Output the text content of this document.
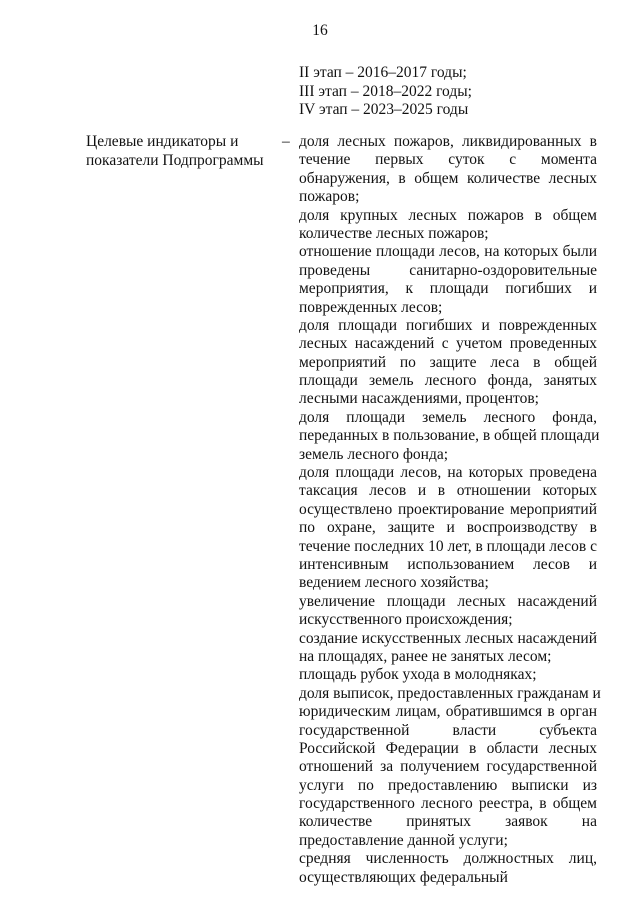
16
II этап – 2016–2017 годы;
III этап – 2018–2022 годы;
IV этап – 2023–2025 годы
Целевые индикаторы и
показатели Подпрограммы
– доля лесных пожаров, ликвидированных в
течение первых суток с момента
обнаружения, в общем количестве лесных
пожаров;
доля крупных лесных пожаров в общем
количестве лесных пожаров;
отношение площади лесов, на которых были
проведены санитарно-оздоровительные
мероприятия, к площади погибших и
поврежденных лесов;
доля площади погибших и поврежденных
лесных насаждений с учетом проведенных
мероприятий по защите леса в общей
площади земель лесного фонда, занятых
лесными насаждениями, процентов;
доля площади земель лесного фонда,
переданных в пользование, в общей площади
земель лесного фонда;
доля площади лесов, на которых проведена
таксация лесов и в отношении которых
осуществлено проектирование мероприятий
по охране, защите и воспроизводству в
течение последних 10 лет, в площади лесов с
интенсивным использованием лесов и
ведением лесного хозяйства;
увеличение площади лесных насаждений
искусственного происхождения;
создание искусственных лесных насаждений
на площадях, ранее не занятых лесом;
площадь рубок ухода в молодняках;
доля выписок, предоставленных гражданам и
юридическим лицам, обратившимся в орган
государственной власти субъекта
Российской Федерации в области лесных
отношений за получением государственной
услуги по предоставлению выписки из
государственного лесного реестра, в общем
количестве принятых заявок на
предоставление данной услуги;
средняя численность должностных лиц,
осуществляющих федеральный
